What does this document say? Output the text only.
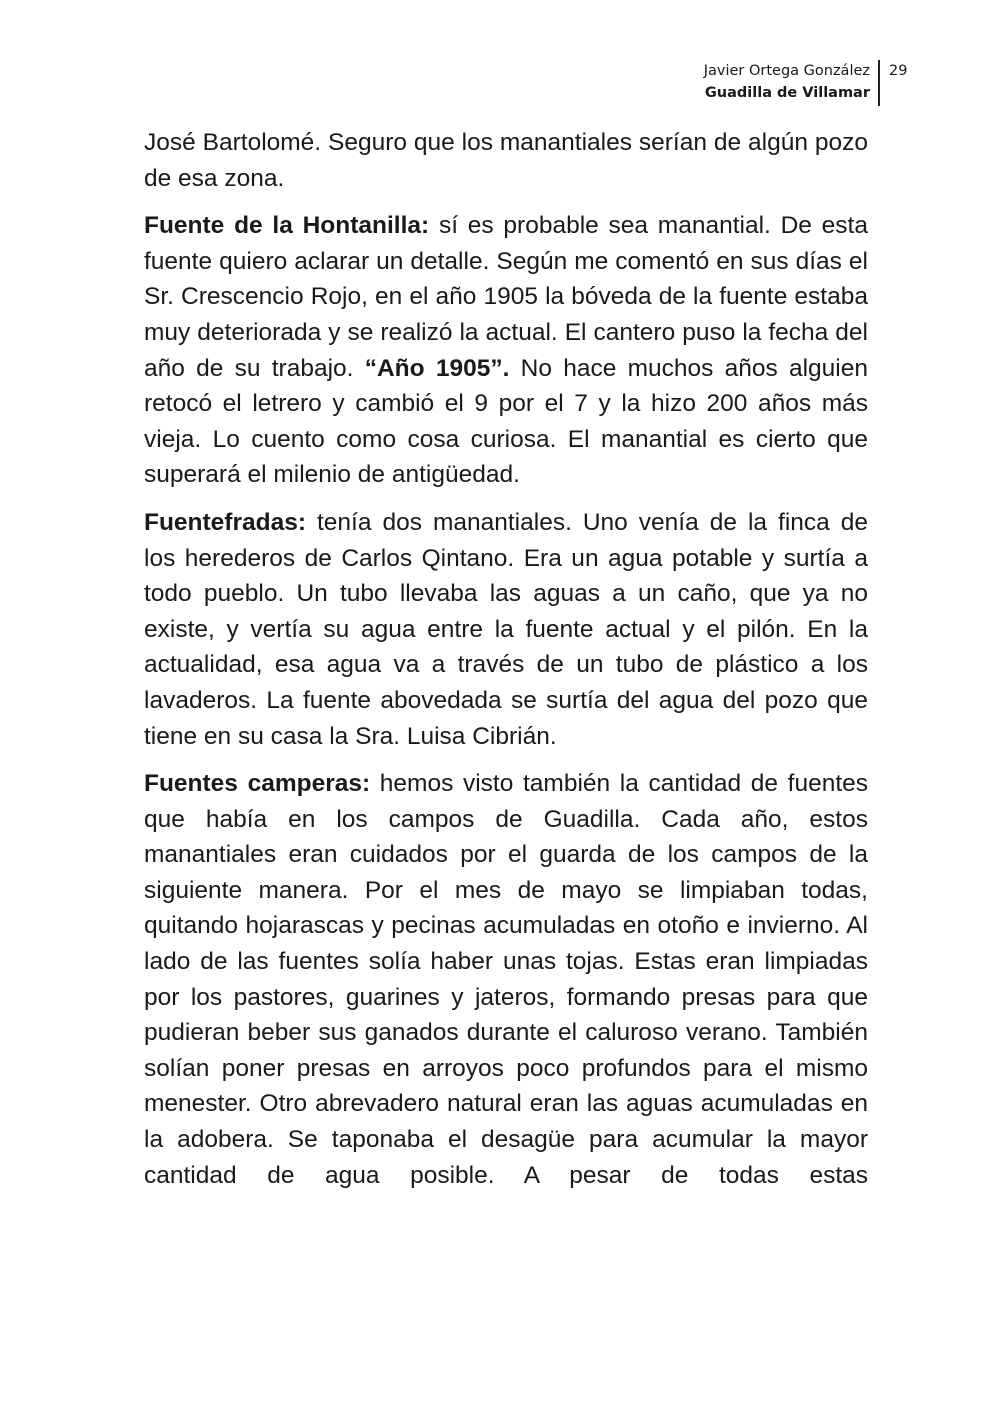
Javier Ortega González
Guadilla de Villamar
29

José Bartolomé. Seguro que los manantiales serían de algún pozo de esa zona.

Fuente de la Hontanilla: sí es probable sea manantial. De esta fuente quiero aclarar un detalle. Según me comentó en sus días el Sr. Crescencio Rojo, en el año 1905 la bóveda de la fuente estaba muy deteriorada y se realizó la actual. El cantero puso la fecha del año de su trabajo. “Año 1905”. No hace muchos años alguien retocó el letrero y cambió el 9 por el 7 y la hizo 200 años más vieja. Lo cuento como cosa curiosa. El manantial es cierto que superará el milenio de antigüedad.

Fuentefradas: tenía dos manantiales. Uno venía de la finca de los herederos de Carlos Qintano. Era un agua potable y surtía a todo pueblo. Un tubo llevaba las aguas a un caño, que ya no existe, y vertía su agua entre la fuente actual y el pilón. En la actualidad, esa agua va a través de un tubo de plástico a los lavaderos. La fuente abovedada se surtía del agua del pozo que tiene en su casa la Sra. Luisa Cibrián.

Fuentes camperas: hemos visto también la cantidad de fuentes que había en los campos de Guadilla. Cada año, estos manantiales eran cuidados por el guarda de los campos de la siguiente manera. Por el mes de mayo se limpiaban todas, quitando hojarascas y pecinas acumuladas en otoño e invierno. Al lado de las fuentes solía haber unas tojas. Estas eran limpiadas por los pastores, guarines y jateros, formando presas para que pudieran beber sus ganados durante el caluroso verano. También solían poner presas en arroyos poco profundos para el mismo menester. Otro abrevadero natural eran las aguas acumuladas en la adobera. Se taponaba el desagüe para acumular la mayor cantidad de agua posible. A pesar de todas estas
